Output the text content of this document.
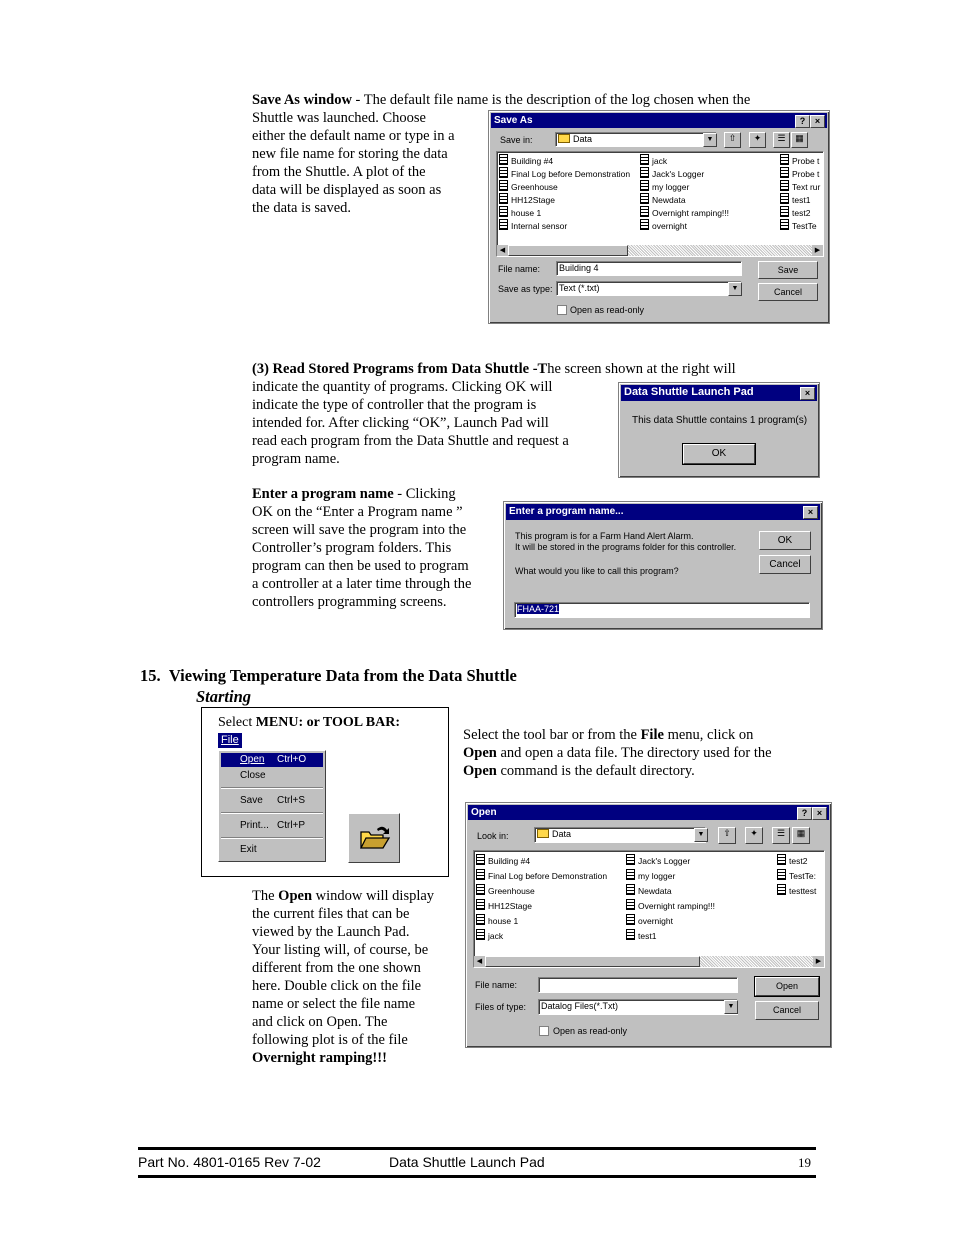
Save As window - The default file name is the description of the log chosen when the
Shuttle was launched. Choose
either the default name or type in a
new file name for storing the data
from the Shuttle. A plot of the
data will be displayed as soon as
the data is saved.
Save As	?	×
Save in:	Data	▼	⇧	✦	☰	▦
Building #4
Final Log before Demonstration
Greenhouse
HH12Stage
house 1
Internal sensor
jack
Jack's Logger
my logger
Newdata
Overnight ramping!!!
overnight
Probe t
Probe t
Text rur
test1
test2
TestTe
◀	▶
File name:	Building 4
Save as type: Text (*.txt)	▼
Save
Cancel
Open as read-only
(3) Read Stored Programs from Data Shuttle -The screen shown at the right will
indicate the quantity of programs. Clicking OK will
indicate the type of controller that the program is
intended for. After clicking “OK”, Launch Pad will
read each program from the Data Shuttle and request a
program name.
Data Shuttle Launch Pad	×
This data Shuttle contains 1 program(s)
OK
Enter a program name - Clicking
OK on the “Enter a Program name ”
screen will save the program into the
Controller’s program folders. This
program can then be used to program
a controller at a later time through the
controllers programming screens.
Enter a program name...	×
This program is for a Farm Hand Alert Alarm.
It will be stored in the programs folder for this controller.
What would you like to call this program?
OK
Cancel
FHAA-721
15. Viewing Temperature Data from the Data Shuttle
Starting
Select MENU: or TOOL BAR:
File
Open Ctrl+O
Close
Save Ctrl+S
Print... Ctrl+P
Exit
Select the tool bar or from the File menu, click on
Open and open a data file. The directory used for the
Open command is the default directory.
The Open window will display
the current files that can be
viewed by the Launch Pad.
Your listing will, of course, be
different from the one shown
here. Double click on the file
name or select the file name
and click on Open. The
following plot is of the file
Overnight ramping!!!
Open	?	×
Look in:	Data	▼	⇧	✦	☰	▦
Building #4
Final Log before Demonstration
Greenhouse
HH12Stage
house 1
jack
Jack's Logger
my logger
Newdata
Overnight ramping!!!
overnight
test1
test2
TestTe:
testtest
◀	▶
File name:
Files of type:	Datalog Files(*.Txt)	▼
Open
Cancel
Open as read-only
Part No. 4801-0165 Rev 7-02	Data Shuttle Launch Pad	19
